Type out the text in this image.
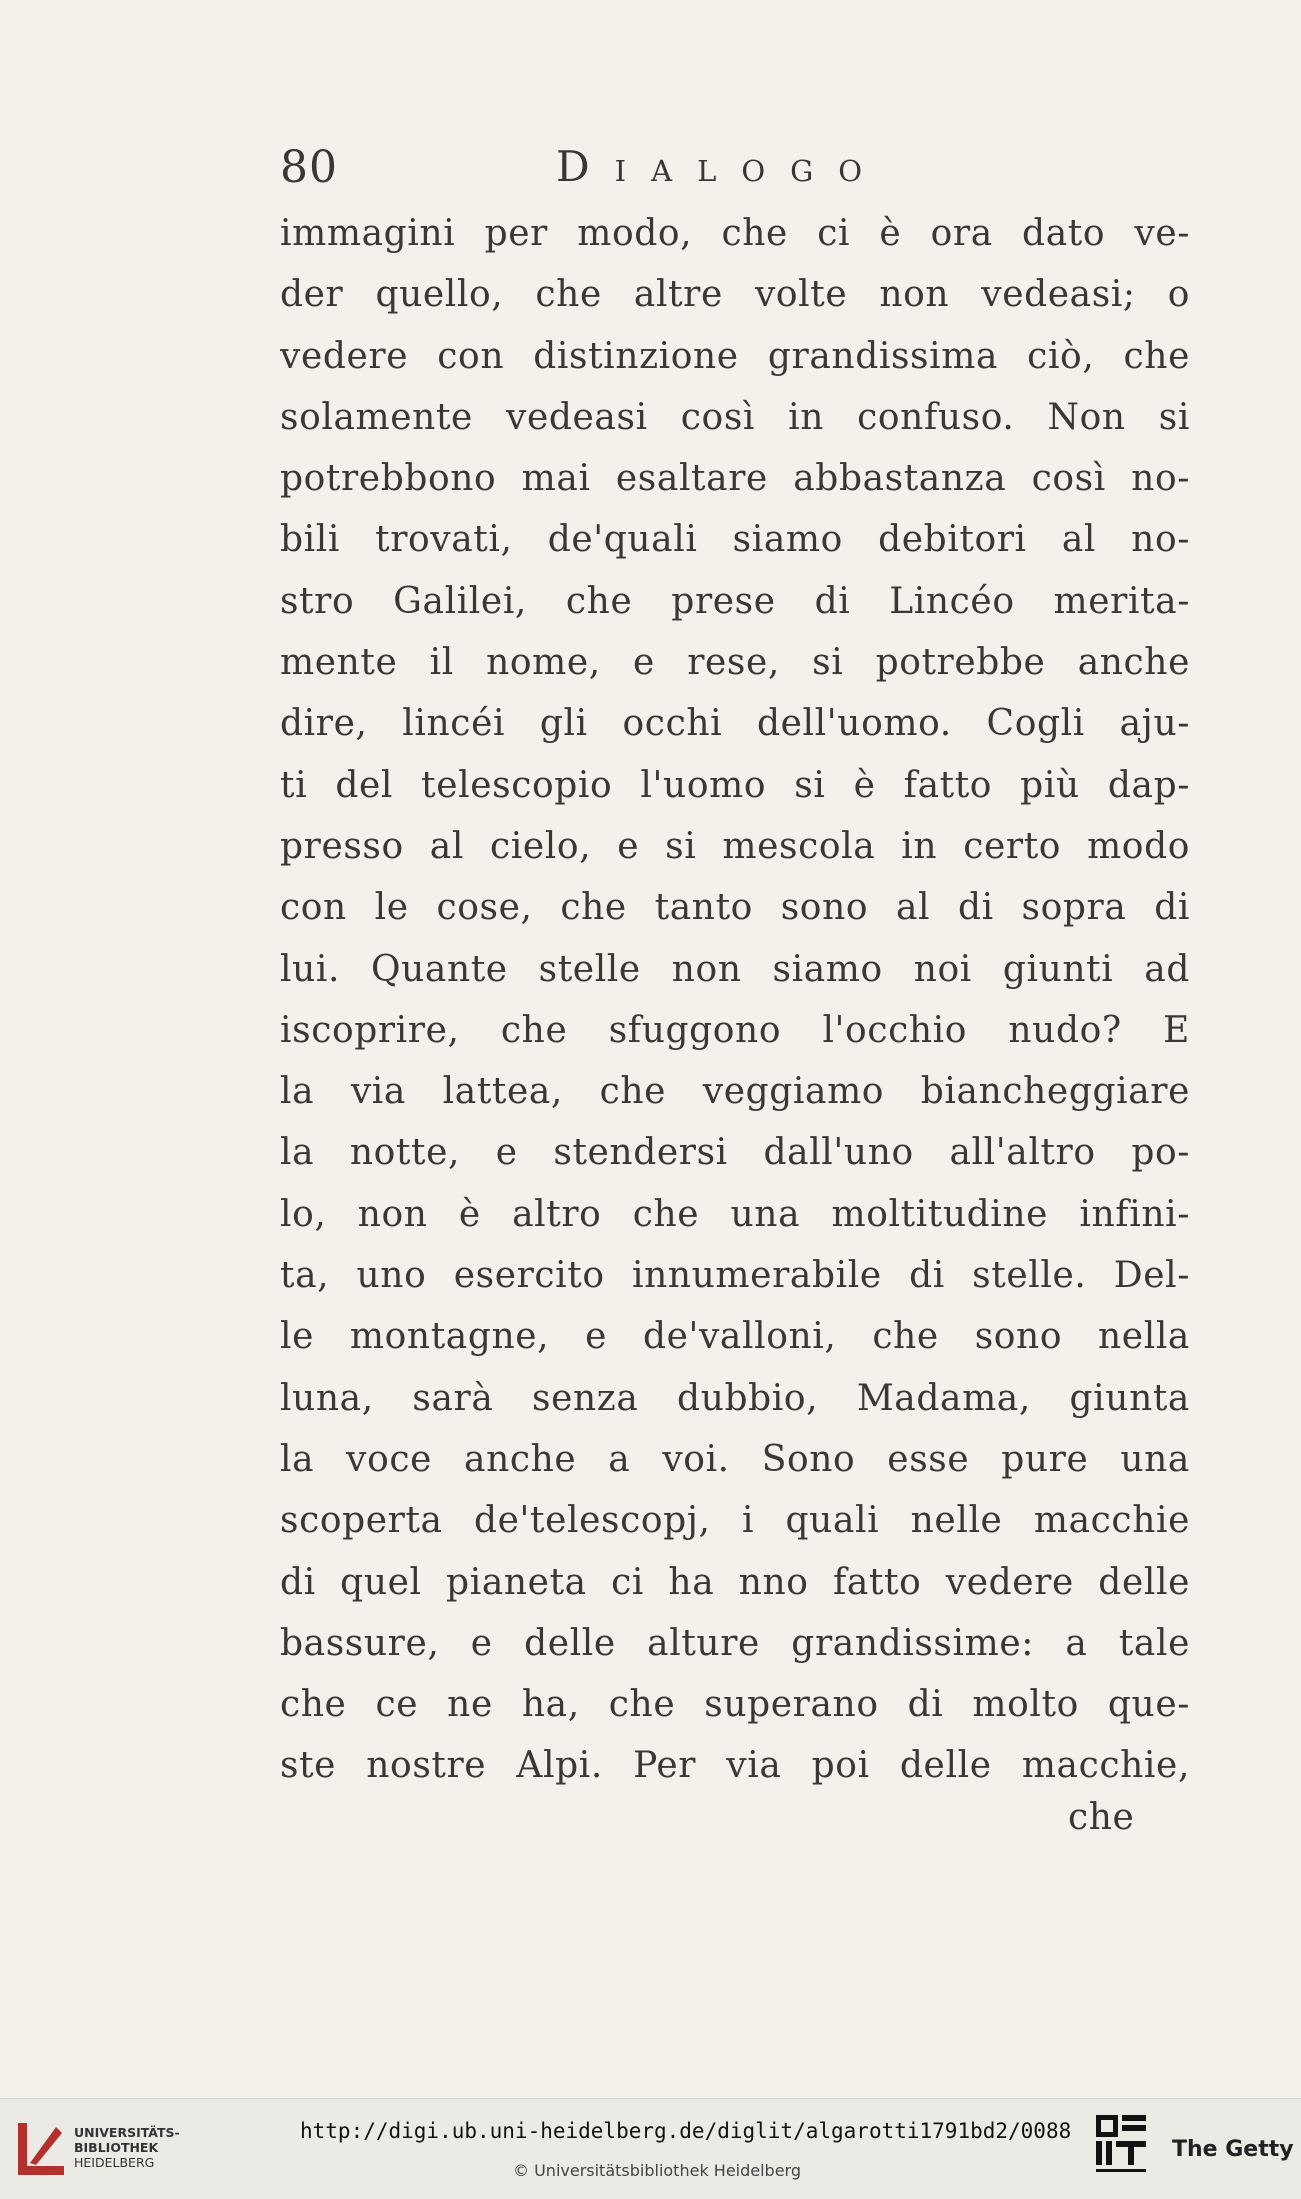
80	Dialogo
immagini per modo, che ci è ora dato ve-
der quello, che altre volte non vedeasi; o
vedere con distinzione grandissima ciò, che
solamente vedeasi così in confuso. Non si
potrebbono mai esaltare abbastanza così no-
bili trovati, de'quali siamo debitori al no-
stro Galilei, che prese di Lincéo merita-
mente il nome, e rese, si potrebbe anche
dire, lincéi gli occhi dell'uomo. Cogli aju-
ti del telescopio l'uomo si è fatto più dap-
presso al cielo, e si mescola in certo modo
con le cose, che tanto sono al di sopra di
lui. Quante stelle non siamo noi giunti ad
iscoprire, che sfuggono l'occhio nudo? E
la via lattea, che veggiamo biancheggiare
la notte, e stendersi dall'uno all'altro po-
lo, non è altro che una moltitudine infini-
ta, uno esercito innumerabile di stelle. Del-
le montagne, e de'valloni, che sono nella
luna, sarà senza dubbio, Madama, giunta
la voce anche a voi. Sono esse pure una
scoperta de'telescopj, i quali nelle macchie
di quel pianeta ci ha nno fatto vedere delle
bassure, e delle alture grandissime: a tale
che ce ne ha, che superano di molto que-
ste nostre Alpi. Per via poi delle macchie,
che
UNIVERSITÄTS-
BIBLIOTHEK
HEIDELBERG
http://digi.ub.uni-heidelberg.de/diglit/algarotti1791bd2/0088
© Universitätsbibliothek Heidelberg
The Getty
